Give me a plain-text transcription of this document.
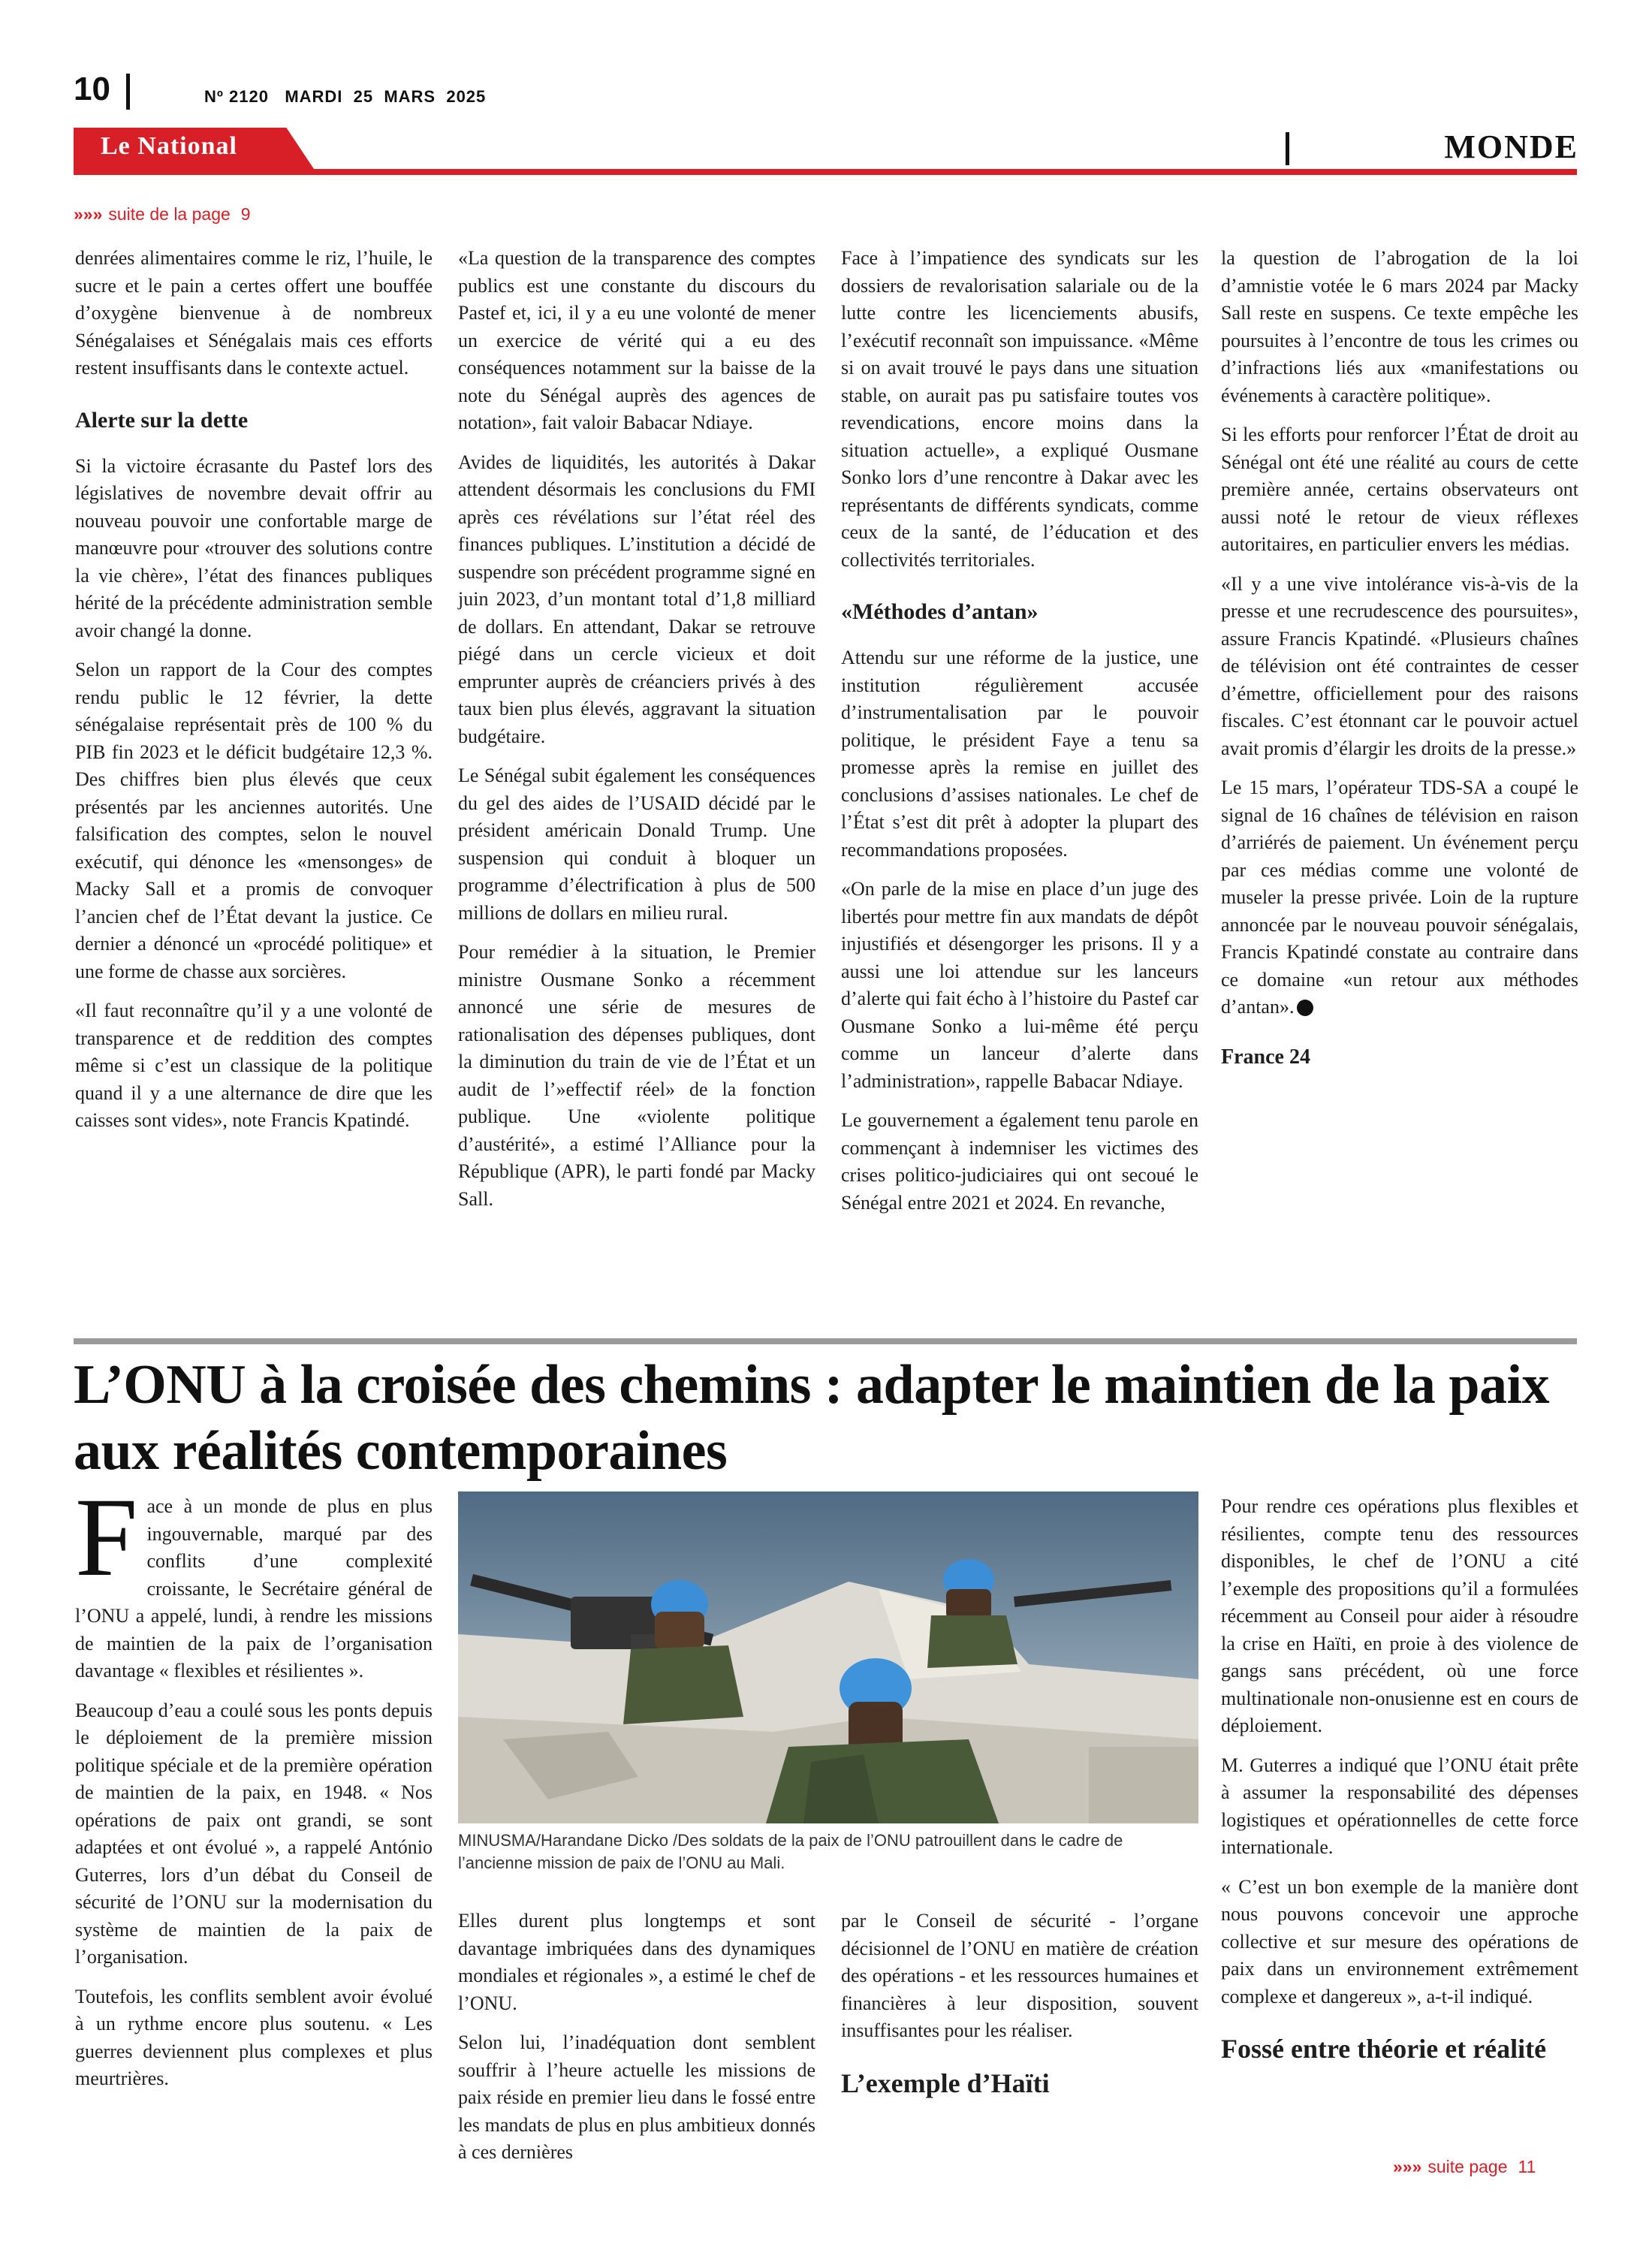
10	Nº 2120   MARDI  25  MARS  2025
Le National	MONDE
»»» suite de la page 9

denrées alimentaires comme le riz, l’huile, le sucre et le pain a certes offert une bouffée d’oxygène bienvenue à de nombreux Sénégalaises et Sénégalais mais ces efforts restent insuffisants dans le contexte actuel.

Alerte sur la dette

Si la victoire écrasante du Pastef lors des législatives de novembre devait offrir au nouveau pouvoir une confortable marge de manœuvre pour «trouver des solutions contre la vie chère», l’état des finances publiques hérité de la précédente administration semble avoir changé la donne.

Selon un rapport de la Cour des comptes rendu public le 12 février, la dette sénégalaise représentait près de 100 % du PIB fin 2023 et le déficit budgétaire 12,3 %. Des chiffres bien plus élevés que ceux présentés par les anciennes autorités. Une falsification des comptes, selon le nouvel exécutif, qui dénonce les «mensonges» de Macky Sall et a promis de convoquer l’ancien chef de l’État devant la justice. Ce dernier a dénoncé un «procédé politique» et une forme de chasse aux sorcières.

«Il faut reconnaître qu’il y a une volonté de transparence et de reddition des comptes même si c’est un classique de la politique quand il y a une alternance de dire que les caisses sont vides», note Francis Kpatindé.

«La question de la transparence des comptes publics est une constante du discours du Pastef et, ici, il y a eu une volonté de mener un exercice de vérité qui a eu des conséquences notamment sur la baisse de la note du Sénégal auprès des agences de notation», fait valoir Babacar Ndiaye.

Avides de liquidités, les autorités à Dakar attendent désormais les conclusions du FMI après ces révélations sur l’état réel des finances publiques. L’institution a décidé de suspendre son précédent programme signé en juin 2023, d’un montant total d’1,8 milliard de dollars. En attendant, Dakar se retrouve piégé dans un cercle vicieux et doit emprunter auprès de créanciers privés à des taux bien plus élevés, aggravant la situation budgétaire.

Le Sénégal subit également les conséquences du gel des aides de l’USAID décidé par le président américain Donald Trump. Une suspension qui conduit à bloquer un programme d’électrification à plus de 500 millions de dollars en milieu rural.

Pour remédier à la situation, le Premier ministre Ousmane Sonko a récemment annoncé une série de mesures de rationalisation des dépenses publiques, dont la diminution du train de vie de l’État et un audit de l’»effectif réel» de la fonction publique. Une «violente politique d’austérité», a estimé l’Alliance pour la République (APR), le parti fondé par Macky Sall.

Face à l’impatience des syndicats sur les dossiers de revalorisation salariale ou de la lutte contre les licenciements abusifs, l’exécutif reconnaît son impuissance. «Même si on avait trouvé le pays dans une situation stable, on aurait pas pu satisfaire toutes vos revendications, encore moins dans la situation actuelle», a expliqué Ousmane Sonko lors d’une rencontre à Dakar avec les représentants de différents syndicats, comme ceux de la santé, de l’éducation et des collectivités territoriales.

«Méthodes d’antan»

Attendu sur une réforme de la justice, une institution régulièrement accusée d’instrumentalisation par le pouvoir politique, le président Faye a tenu sa promesse après la remise en juillet des conclusions d’assises nationales. Le chef de l’État s’est dit prêt à adopter la plupart des recommandations proposées.

«On parle de la mise en place d’un juge des libertés pour mettre fin aux mandats de dépôt injustifiés et désengorger les prisons. Il y a aussi une loi attendue sur les lanceurs d’alerte qui fait écho à l’histoire du Pastef car Ousmane Sonko a lui-même été perçu comme un lanceur d’alerte dans l’administration», rappelle Babacar Ndiaye.

Le gouvernement a également tenu parole en commençant à indemniser les victimes des crises politico-judiciaires qui ont secoué le Sénégal entre 2021 et 2024. En revanche,

la question de l’abrogation de la loi d’amnistie votée le 6 mars 2024 par Macky Sall reste en suspens. Ce texte empêche les poursuites à l’encontre de tous les crimes ou d’infractions liés aux «manifestations ou événements à caractère politique».

Si les efforts pour renforcer l’État de droit au Sénégal ont été une réalité au cours de cette première année, certains observateurs ont aussi noté le retour de vieux réflexes autoritaires, en particulier envers les médias.

«Il y a une vive intolérance vis-à-vis de la presse et une recrudescence des poursuites», assure Francis Kpatindé. «Plusieurs chaînes de télévision ont été contraintes de cesser d’émettre, officiellement pour des raisons fiscales. C’est étonnant car le pouvoir actuel avait promis d’élargir les droits de la presse.»

Le 15 mars, l’opérateur TDS-SA a coupé le signal de 16 chaînes de télévision en raison d’arriérés de paiement. Un événement perçu par ces médias comme une volonté de museler la presse privée. Loin de la rupture annoncée par le nouveau pouvoir sénégalais, Francis Kpatindé constate au contraire dans ce domaine «un retour aux méthodes d’antan».

France 24

L’ONU à la croisée des chemins : adapter le maintien de la paix aux réalités contemporaines

Face à un monde de plus en plus ingouvernable, marqué par des conflits d’une complexité croissante, le Secrétaire général de l’ONU a appelé, lundi, à rendre les missions de maintien de la paix de l’organisation davantage « flexibles et résilientes ».

Beaucoup d’eau a coulé sous les ponts depuis le déploiement de la première mission politique spéciale et de la première opération de maintien de la paix, en 1948. « Nos opérations de paix ont grandi, se sont adaptées et ont évolué », a rappelé António Guterres, lors d’un débat du Conseil de sécurité de l’ONU sur la modernisation du système de maintien de la paix de l’organisation.

Toutefois, les conflits semblent avoir évolué à un rythme encore plus soutenu. « Les guerres deviennent plus complexes et plus meurtrières.

MINUSMA/Harandane Dicko /Des soldats de la paix de l’ONU patrouillent dans le cadre de l’ancienne mission de paix de l’ONU au Mali.

Elles durent plus longtemps et sont davantage imbriquées dans des dynamiques mondiales et régionales », a estimé le chef de l’ONU.

Selon lui, l’inadéquation dont semblent souffrir à l’heure actuelle les missions de paix réside en premier lieu dans le fossé entre les mandats de plus en plus ambitieux donnés à ces dernières

par le Conseil de sécurité - l’organe décisionnel de l’ONU en matière de création des opérations - et les ressources humaines et financières à leur disposition, souvent insuffisantes pour les réaliser.

L’exemple d’Haïti

Pour rendre ces opérations plus flexibles et résilientes, compte tenu des ressources disponibles, le chef de l’ONU a cité l’exemple des propositions qu’il a formulées récemment au Conseil pour aider à résoudre la crise en Haïti, en proie à des violence de gangs sans précédent, où une force multinationale non-onusienne est en cours de déploiement.

M. Guterres a indiqué que l’ONU était prête à assumer la responsabilité des dépenses logistiques et opérationnelles de cette force internationale.

« C’est un bon exemple de la manière dont nous pouvons concevoir une approche collective et sur mesure des opérations de paix dans un environnement extrêmement complexe et dangereux », a-t-il indiqué.

Fossé entre théorie et réalité
»»» suite page 11
